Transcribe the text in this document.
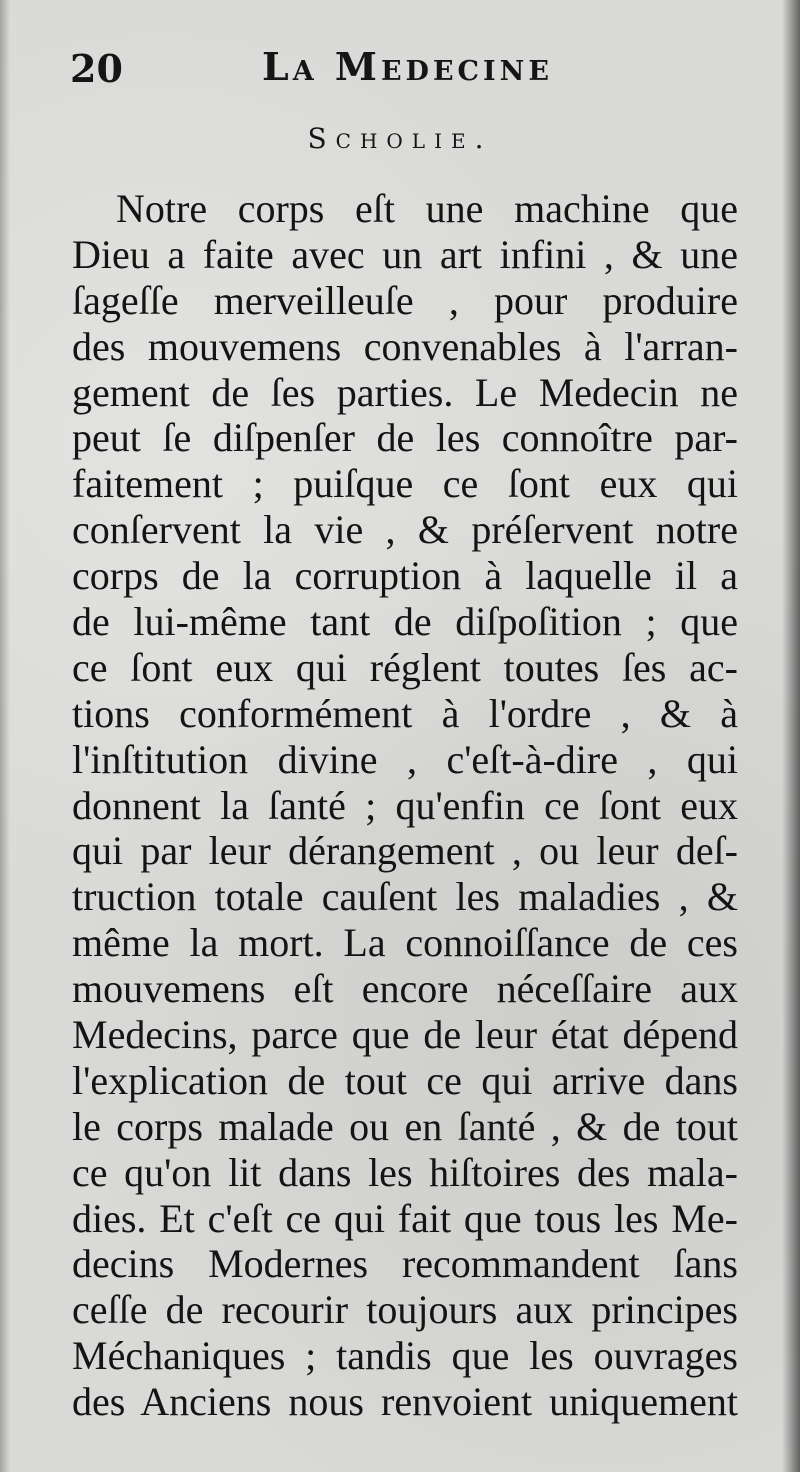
20	La Medecine
Scholie.
Notre corps eſt une machine que
Dieu a faite avec un art infini , & une
ſageſſe merveilleuſe , pour produire
des mouvemens convenables à l'arran-
gement de ſes parties. Le Medecin ne
peut ſe diſpenſer de les connoître par-
faitement ; puiſque ce ſont eux qui
conſervent la vie , & préſervent notre
corps de la corruption à laquelle il a
de lui-même tant de diſpoſition ; que
ce ſont eux qui réglent toutes ſes ac-
tions conformément à l'ordre , & à
l'inſtitution divine , c'eſt-à-dire , qui
donnent la ſanté ; qu'enfin ce ſont eux
qui par leur dérangement , ou leur deſ-
truction totale cauſent les maladies , &
même la mort. La connoiſſance de ces
mouvemens eſt encore néceſſaire aux
Medecins, parce que de leur état dépend
l'explication de tout ce qui arrive dans
le corps malade ou en ſanté , & de tout
ce qu'on lit dans les hiſtoires des mala-
dies. Et c'eſt ce qui fait que tous les Me-
decins Modernes recommandent ſans
ceſſe de recourir toujours aux principes
Méchaniques ; tandis que les ouvrages
des Anciens nous renvoient uniquement
